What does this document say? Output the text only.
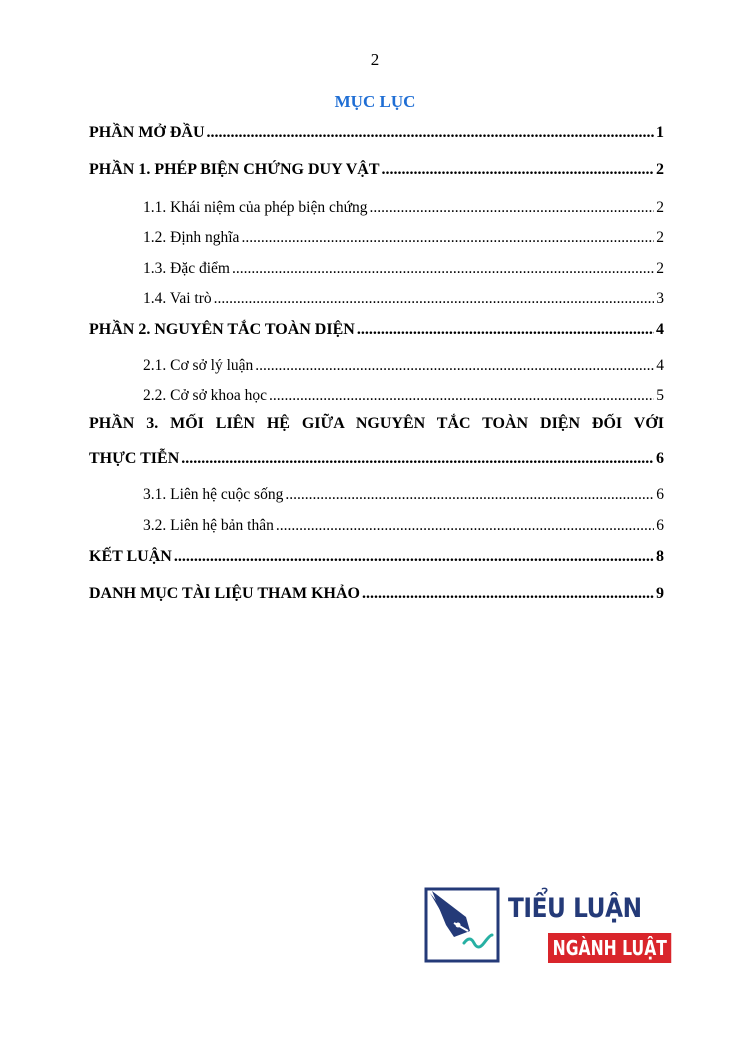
2
MỤC LỤC
PHẦN MỞ ĐẦU .....	1
PHẦN 1. PHÉP BIỆN CHỨNG DUY VẬT .....	2
1.1. Khái niệm của phép biện chứng .....	2
1.2. Định nghĩa .....	2
1.3. Đặc điểm .....	2
1.4. Vai trò .....	3
PHẦN 2. NGUYÊN TẮC TOÀN DIỆN .....	4
2.1. Cơ sở lý luận .....	4
2.2. Cở sở khoa học .....	5
PHẦN 3. MỐI LIÊN HỆ GIỮA NGUYÊN TẮC TOÀN DIỆN ĐỐI VỚI
THỰC TIỄN .....	6
3.1. Liên hệ cuộc sống .....	6
3.2. Liên hệ bản thân .....	6
KẾT LUẬN .....	8
DANH MỤC TÀI LIỆU THAM KHẢO .....	9
TIỂU LUẬN
NGÀNH LUẬT
